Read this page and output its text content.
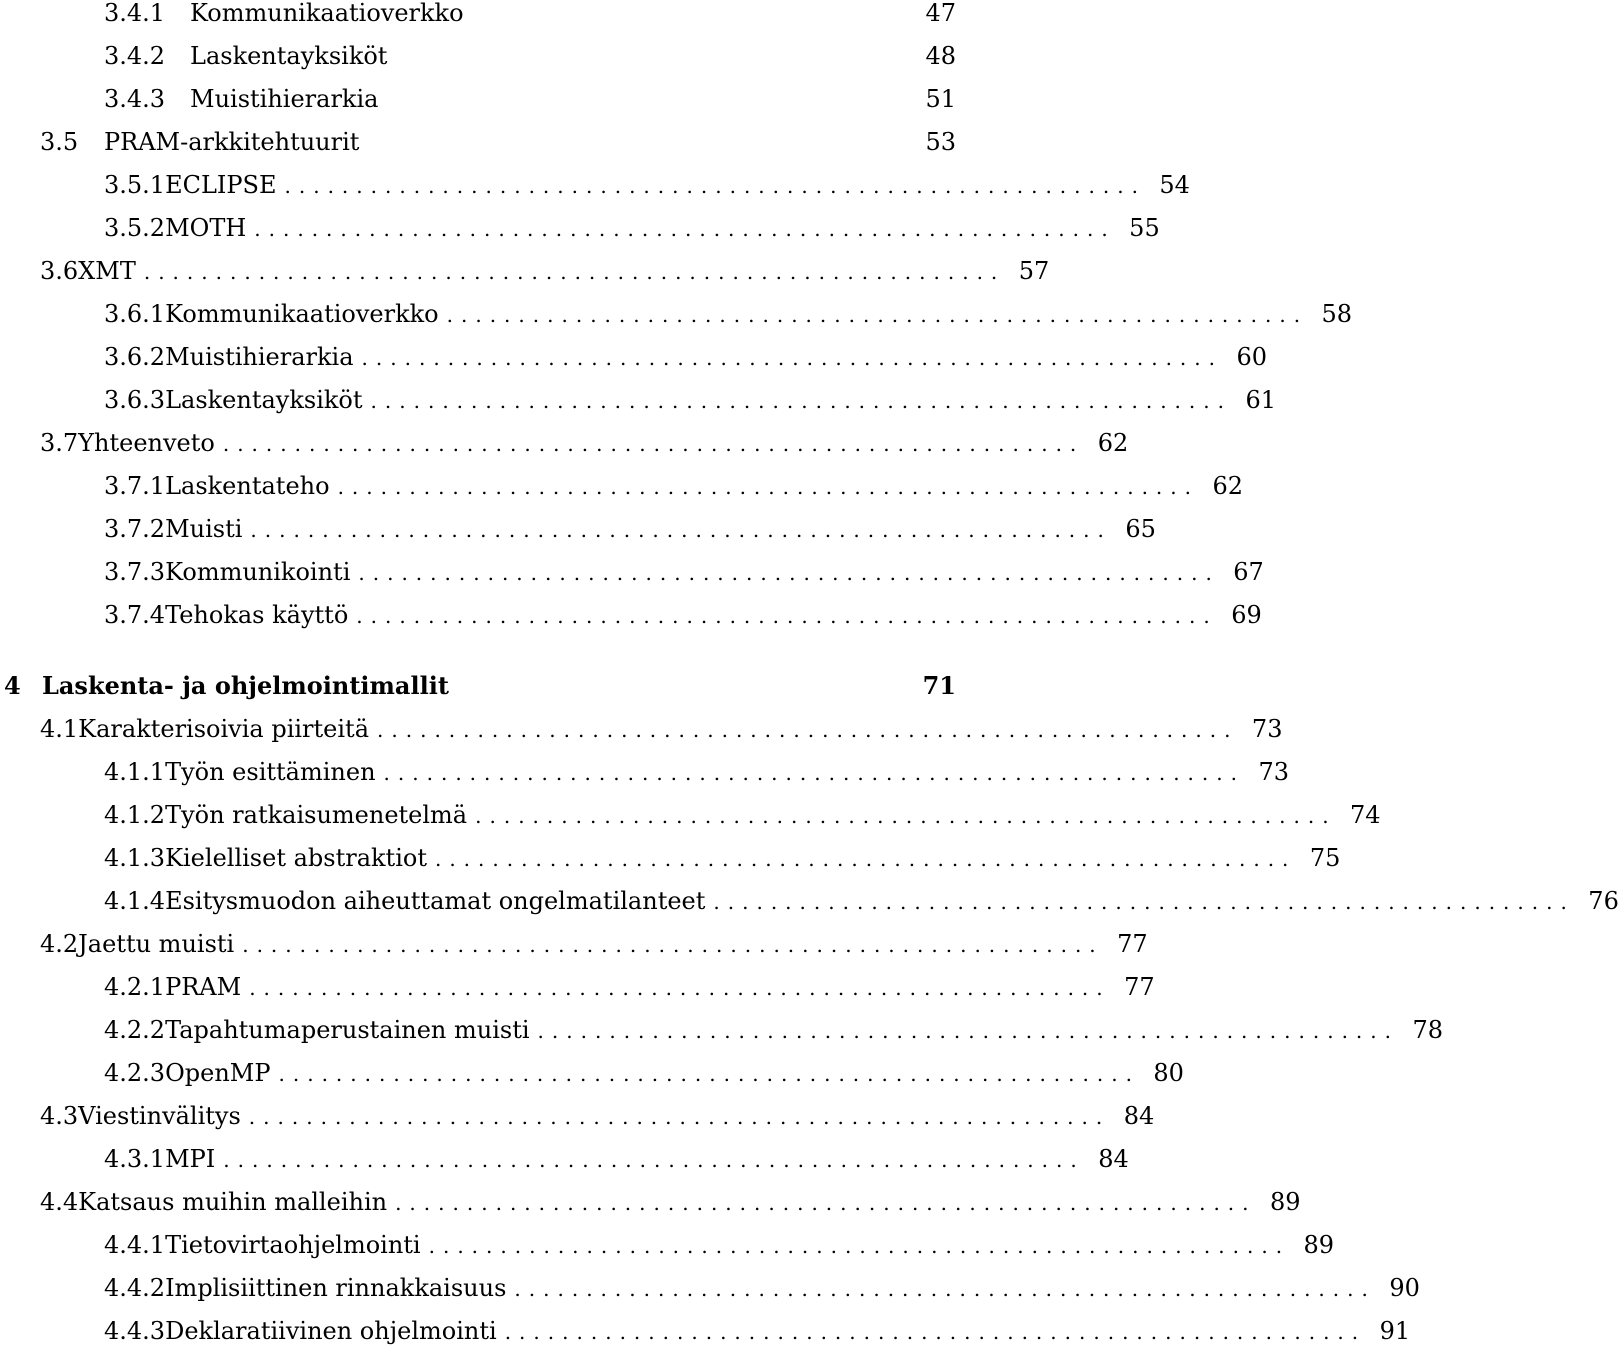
3.4.1	Kommunikaatioverkko	47
3.4.2	Laskentayksiköt	48
3.4.3	Muistihierarkia	51
3.5	PRAM-arkkitehtuurit	53
3.5.1 ECLIPSE ............................................................ 54
3.5.2 MOTH ............................................................ 55
3.6 XMT ............................................................ 57
3.6.1 Kommunikaatioverkko ............................................................ 58
3.6.2 Muistihierarkia ............................................................ 60
3.6.3 Laskentayksiköt ............................................................ 61
3.7 Yhteenveto ............................................................ 62
3.7.1 Laskentateho ............................................................ 62
3.7.2 Muisti ............................................................ 65
3.7.3 Kommunikointi ............................................................ 67
3.7.4 Tehokas käyttö ............................................................ 69
4 Laskenta- ja ohjelmointimallit	71
4.1 Karakterisoivia piirteitä ............................................................ 73
4.1.1 Työn esittäminen ............................................................ 73
4.1.2 Työn ratkaisumenetelmä ............................................................ 74
4.1.3 Kielelliset abstraktiot ............................................................ 75
4.1.4 Esitysmuodon aiheuttamat ongelmatilanteet ............................................................ 76
4.2 Jaettu muisti ............................................................ 77
4.2.1 PRAM ............................................................ 77
4.2.2 Tapahtumaperustainen muisti ............................................................ 78
4.2.3 OpenMP ............................................................ 80
4.3 Viestinvälitys ............................................................ 84
4.3.1 MPI ............................................................ 84
4.4 Katsaus muihin malleihin ............................................................ 89
4.4.1 Tietovirtaohjelmointi ............................................................ 89
4.4.2 Implisiittinen rinnakkaisuus ............................................................ 90
4.4.3 Deklaratiivinen ohjelmointi ............................................................ 91
